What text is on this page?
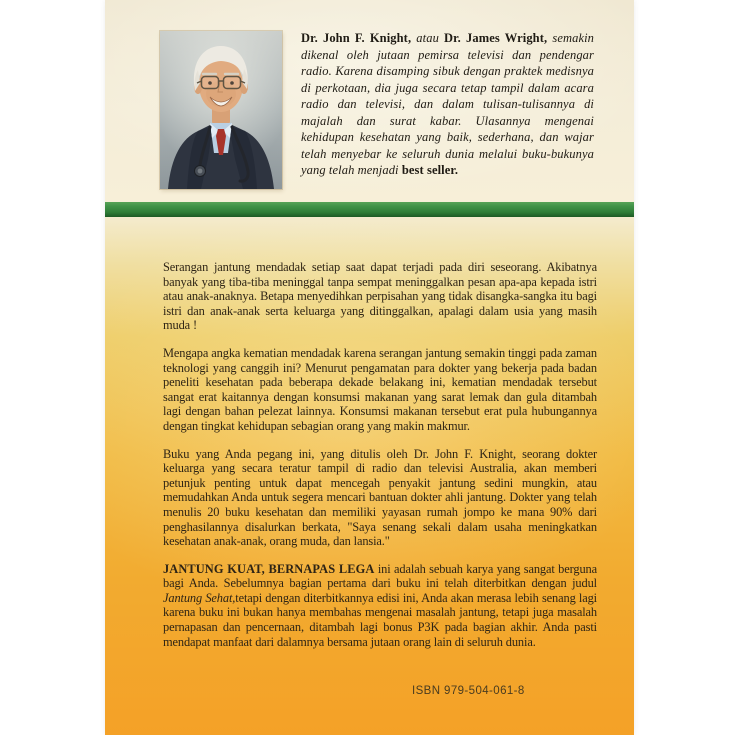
Dr. John F. Knight, atau Dr. James Wright, semakin dikenal oleh jutaan pemirsa televisi dan pendengar radio. Karena disamping sibuk dengan praktek medisnya di perkotaan, dia juga secara tetap tampil dalam acara radio dan televisi, dan dalam tulisan-tulisannya di majalah dan surat kabar. Ulasannya mengenai kehidupan kesehatan yang baik, sederhana, dan wajar telah menyebar ke seluruh dunia melalui buku-bukunya yang telah menjadi best seller.

Serangan jantung mendadak setiap saat dapat terjadi pada diri seseorang. Akibatnya banyak yang tiba-tiba meninggal tanpa sempat meninggalkan pesan apa-apa kepada istri atau anak-anaknya. Betapa menyedihkan perpisahan yang tidak disangka-sangka itu bagi istri dan anak-anak serta keluarga yang ditinggalkan, apalagi dalam usia yang masih muda !

Mengapa angka kematian mendadak karena serangan jantung semakin tinggi pada zaman teknologi yang canggih ini? Menurut pengamatan para dokter yang bekerja pada badan peneliti kesehatan pada beberapa dekade belakang ini, kematian mendadak tersebut sangat erat kaitannya dengan konsumsi makanan yang sarat lemak dan gula ditambah lagi dengan bahan pelezat lainnya. Konsumsi makanan tersebut erat pula hubungannya dengan tingkat kehidupan sebagian orang yang makin makmur.

Buku yang Anda pegang ini, yang ditulis oleh Dr. John F. Knight, seorang dokter keluarga yang secara teratur tampil di radio dan televisi Australia, akan memberi petunjuk penting untuk dapat mencegah penyakit jantung sedini mungkin, atau memudahkan Anda untuk segera mencari bantuan dokter ahli jantung. Dokter yang telah menulis 20 buku kesehatan dan memiliki yayasan rumah jompo ke mana 90% dari penghasilannya disalurkan berkata, "Saya senang sekali dalam usaha meningkatkan kesehatan anak-anak, orang muda, dan lansia."

JANTUNG KUAT, BERNAPAS LEGA ini adalah sebuah karya yang sangat berguna bagi Anda. Sebelumnya bagian pertama dari buku ini telah diterbitkan dengan judul Jantung Sehat,tetapi dengan diterbitkannya edisi ini, Anda akan merasa lebih senang lagi karena buku ini bukan hanya membahas mengenai masalah jantung, tetapi juga masalah pernapasan dan pencernaan, ditambah lagi bonus P3K pada bagian akhir. Anda pasti mendapat manfaat dari dalamnya bersama jutaan orang lain di seluruh dunia.

ISBN 979-504-061-8
